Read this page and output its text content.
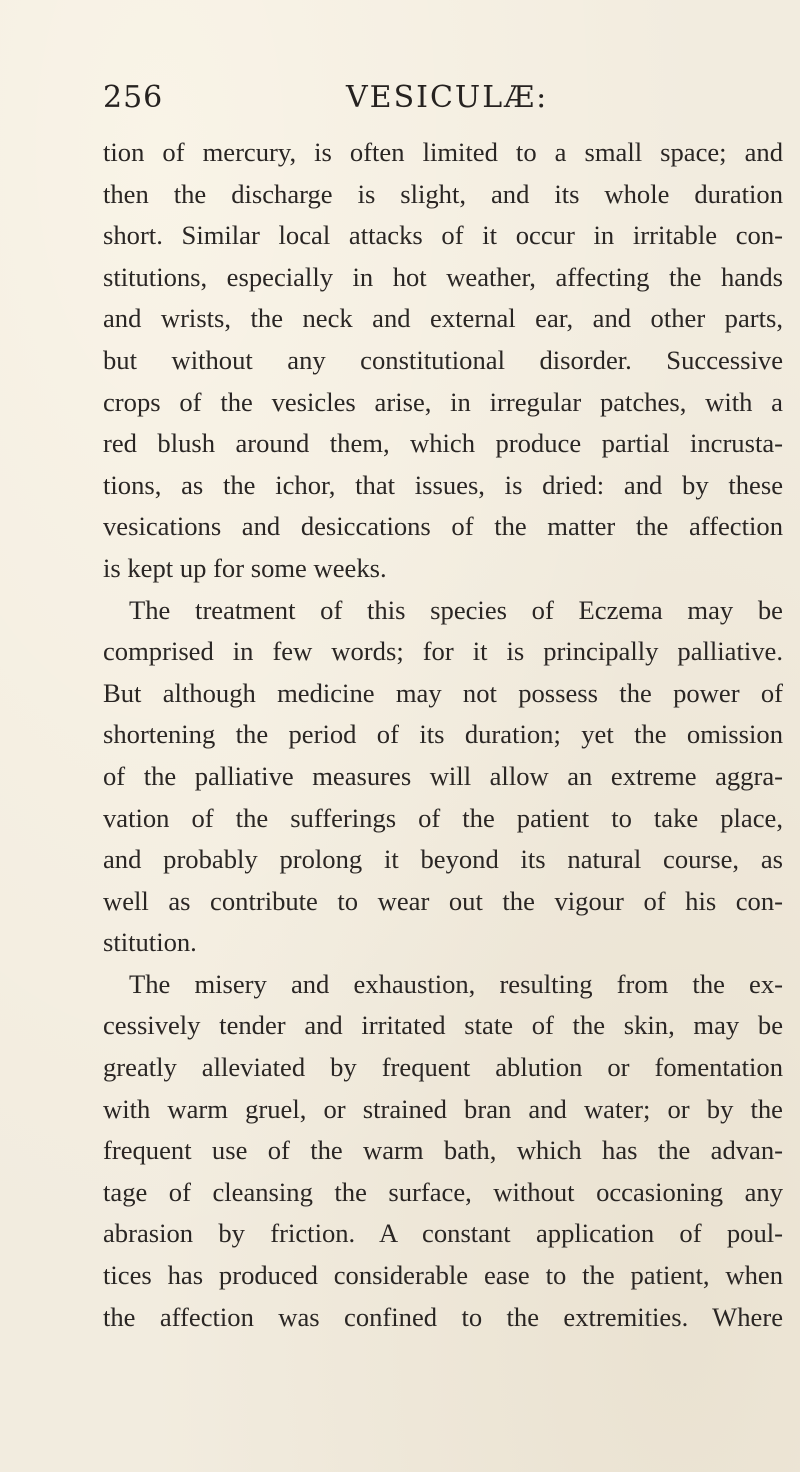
256	VESICULÆ:
tion of mercury, is often limited to a small space; and
then the discharge is slight, and its whole duration
short. Similar local attacks of it occur in irritable con-
stitutions, especially in hot weather, affecting the hands
and wrists, the neck and external ear, and other parts,
but without any constitutional disorder. Successive
crops of the vesicles arise, in irregular patches, with a
red blush around them, which produce partial incrusta-
tions, as the ichor, that issues, is dried: and by these
vesications and desiccations of the matter the affection
is kept up for some weeks.
The treatment of this species of Eczema may be
comprised in few words; for it is principally palliative.
But although medicine may not possess the power of
shortening the period of its duration; yet the omission
of the palliative measures will allow an extreme aggra-
vation of the sufferings of the patient to take place,
and probably prolong it beyond its natural course, as
well as contribute to wear out the vigour of his con-
stitution.
The misery and exhaustion, resulting from the ex-
cessively tender and irritated state of the skin, may be
greatly alleviated by frequent ablution or fomentation
with warm gruel, or strained bran and water; or by the
frequent use of the warm bath, which has the advan-
tage of cleansing the surface, without occasioning any
abrasion by friction. A constant application of poul-
tices has produced considerable ease to the patient, when
the affection was confined to the extremities. Where
